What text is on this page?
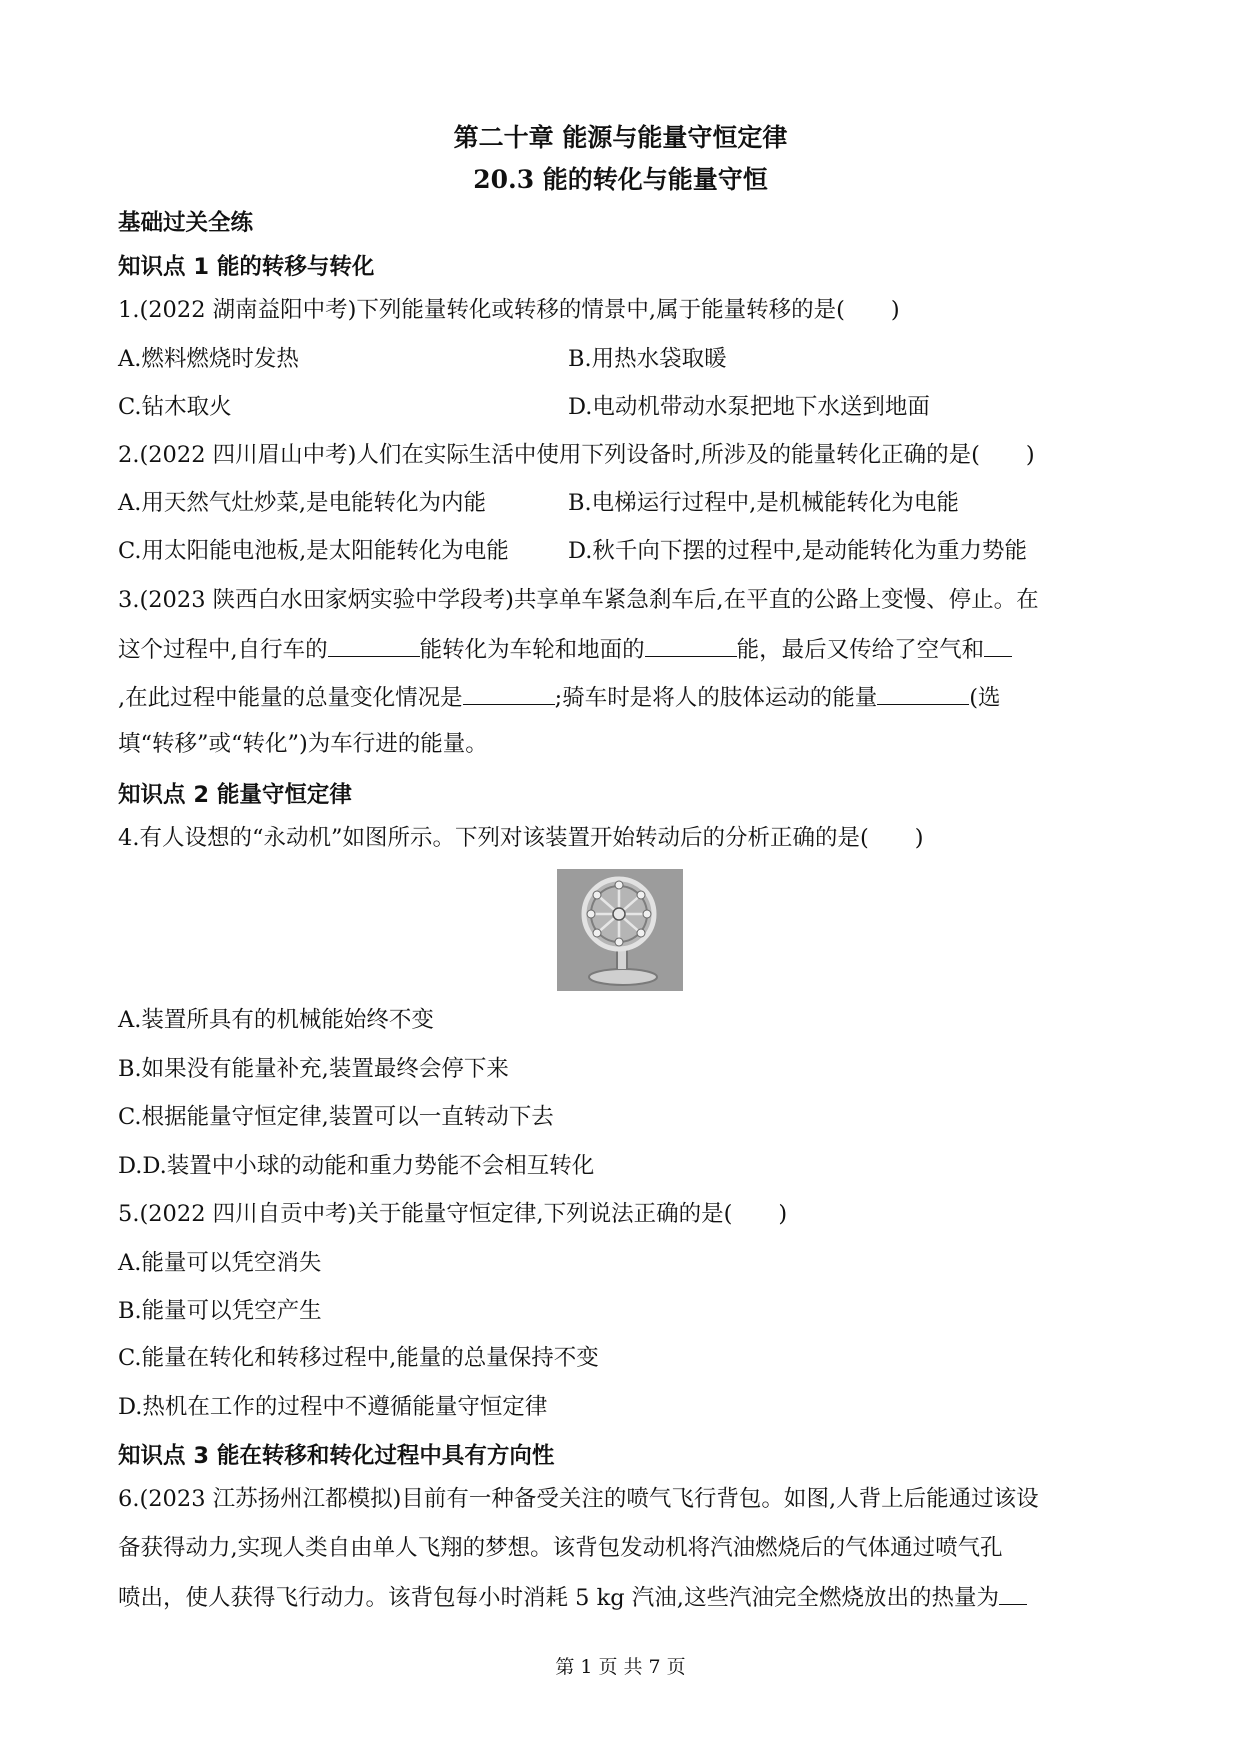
第二十章 能源与能量守恒定律
20.3 能的转化与能量守恒
基础过关全练
知识点 1 能的转移与转化
1.(2022 湖南益阳中考)下列能量转化或转移的情景中,属于能量转移的是( )
A.燃料燃烧时发热	B.用热水袋取暖
C.钻木取火	D.电动机带动水泵把地下水送到地面
2.(2022 四川眉山中考)人们在实际生活中使用下列设备时,所涉及的能量转化正确的是( )
A.用天然气灶炒菜,是电能转化为内能	B.电梯运行过程中,是机械能转化为电能
C.用太阳能电池板,是太阳能转化为电能	D.秋千向下摆的过程中,是动能转化为重力势能
3.(2023 陕西白水田家炳实验中学段考)共享单车紧急刹车后,在平直的公路上变慢、停止。在
这个过程中,自行车的	能转化为车轮和地面的	能，最后又传给了空气和
,在此过程中能量的总量变化情况是	;骑车时是将人的肢体运动的能量	(选
填“转移”或“转化”)为车行进的能量。
知识点 2 能量守恒定律
4.有人设想的“永动机”如图所示。下列对该装置开始转动后的分析正确的是( )
A.装置所具有的机械能始终不变
B.如果没有能量补充,装置最终会停下来
C.根据能量守恒定律,装置可以一直转动下去
D.D.装置中小球的动能和重力势能不会相互转化
5.(2022 四川自贡中考)关于能量守恒定律,下列说法正确的是( )
A.能量可以凭空消失
B.能量可以凭空产生
C.能量在转化和转移过程中,能量的总量保持不变
D.热机在工作的过程中不遵循能量守恒定律
知识点 3 能在转移和转化过程中具有方向性
6.(2023 江苏扬州江都模拟)目前有一种备受关注的喷气飞行背包。如图,人背上后能通过该设
备获得动力,实现人类自由单人飞翔的梦想。该背包发动机将汽油燃烧后的气体通过喷气孔
喷出，使人获得飞行动力。该背包每小时消耗 5 kg 汽油,这些汽油完全燃烧放出的热量为
第 1 页 共 7 页
